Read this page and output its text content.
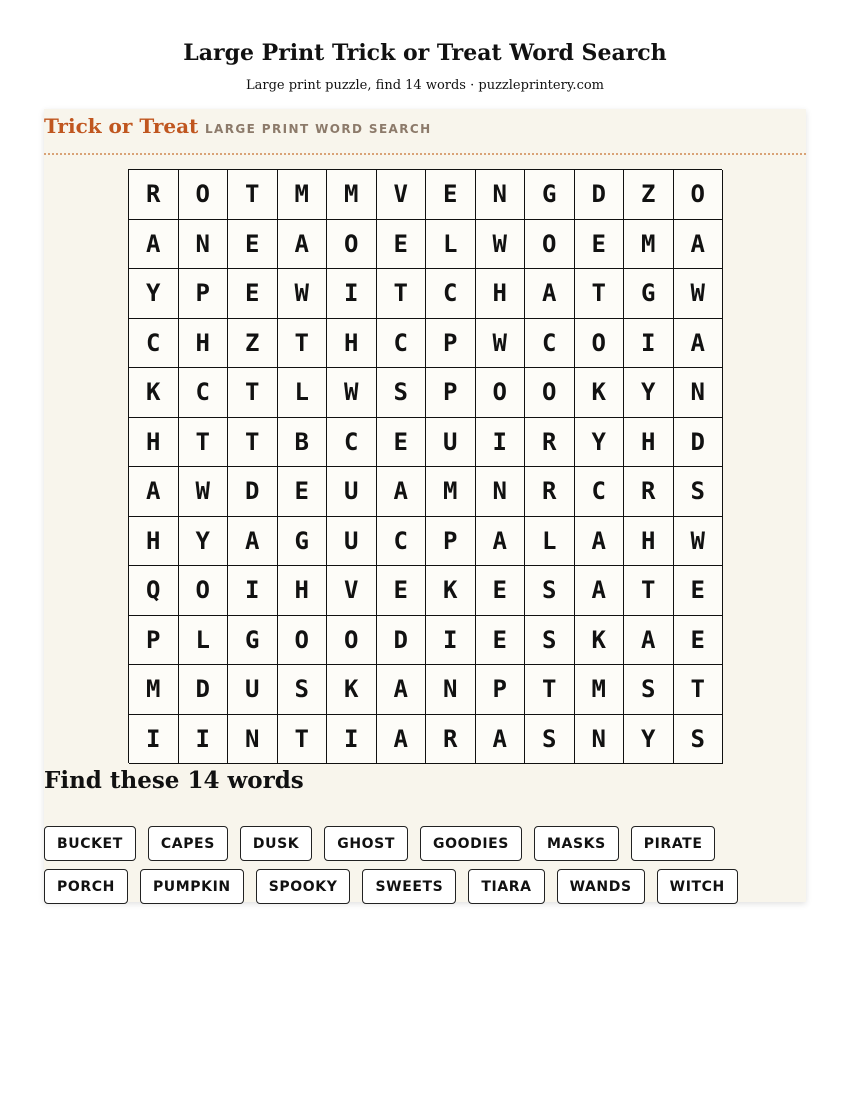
Large Print Trick or Treat Word Search

Large print puzzle, find 14 words · puzzleprintery.com

Trick or Treat LARGE PRINT WORD SEARCH
R	O	T	M	M	V	E	N	G	D	Z	O
A	N	E	A	O	E	L	W	O	E	M	A
Y	P	E	W	I	T	C	H	A	T	G	W
C	H	Z	T	H	C	P	W	C	O	I	A
K	C	T	L	W	S	P	O	O	K	Y	N
H	T	T	B	C	E	U	I	R	Y	H	D
A	W	D	E	U	A	M	N	R	C	R	S
H	Y	A	G	U	C	P	A	L	A	H	W
Q	O	I	H	V	E	K	E	S	A	T	E
P	L	G	O	O	D	I	E	S	K	A	E
M	D	U	S	K	A	N	P	T	M	S	T
I	I	N	T	I	A	R	A	S	N	Y	S
Find these 14 words
BUCKET	CAPES	DUSK	GHOST	GOODIES	MASKS	PIRATE
PORCH	PUMPKIN	SPOOKY	SWEETS	TIARA	WANDS	WITCH
